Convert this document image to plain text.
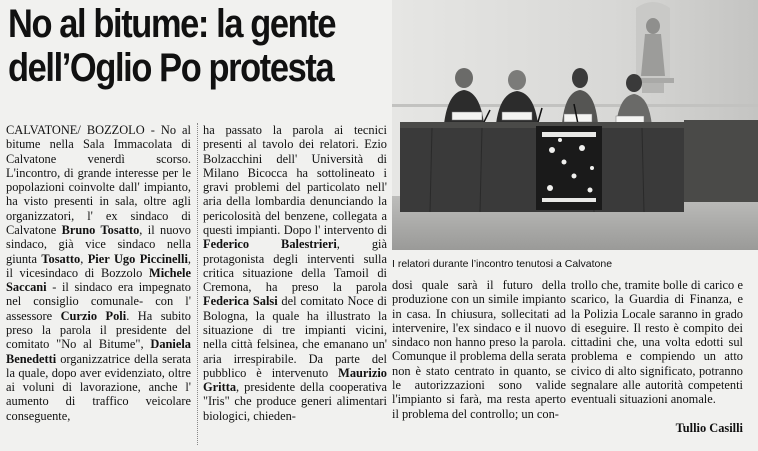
No al bitume: la gente
dell’Oglio Po protesta
I relatori durante l’incontro tenutosi a Calvatone

CALVATONE/ BOZZOLO - No al bitume nella Sala Immacolata di Calvatone venerdì scorso. L'incontro, di grande interesse per le popolazioni coinvolte dall' impianto, ha visto presenti in sala, oltre agli organizzatori, l' ex sindaco di Calvatone Bruno Tosatto, il nuovo sindaco, già vice sindaco nella giunta Tosatto, Pier Ugo Piccinelli, il vicesindaco di Bozzolo Michele Saccani - il sindaco era impegnato nel consiglio comunale- con l' assessore Curzio Poli. Ha subito preso la parola il presidente del comitato "No al Bitume", Daniela Benedetti organizzatrice della serata la quale, dopo aver evidenziato, oltre ai voluni di lavorazione, anche l' aumento di traffico veicolare conseguente,

ha passato la parola ai tecnici presenti al tavolo dei relatori. Ezio Bolzacchini dell' Università di Milano Bicocca ha sottolineato i gravi problemi del particolato nell' aria della lombardia denunciando la pericolosità del benzene, collegata a questi impianti. Dopo l' intervento di Federico Balestrieri, già protagonista degli interventi sulla critica situazione della Tamoil di Cremona, ha preso la parola Federica Salsi del comitato Noce di Bologna, la quale ha illustrato la situazione di tre impianti vicini, nella città felsinea, che emanano un' aria irrespirabile. Da parte del pubblico è intervenuto Maurizio Gritta, presidente della cooperativa "Iris" che produce generi alimentari biologici, chieden-

dosi quale sarà il futuro della produzione con un simile impianto in casa. In chiusura, sollecitati ad intervenire, l'ex sindaco e il nuovo sindaco non hanno preso la parola. Comunque il problema della serata non è stato centrato in quanto, se le autorizzazioni sono valide l'impianto si farà, ma resta aperto il problema del controllo; un con-

trollo che, tramite bolle di carico e scarico, la Guardia di Finanza, e la Polizia Locale saranno in grado di eseguire. Il resto è compito dei cittadini che, una volta edotti sul problema e compiendo un atto civico di alto significato, potranno segnalare alle autorità competenti eventuali situazioni anomale.

Tullio Casilli
